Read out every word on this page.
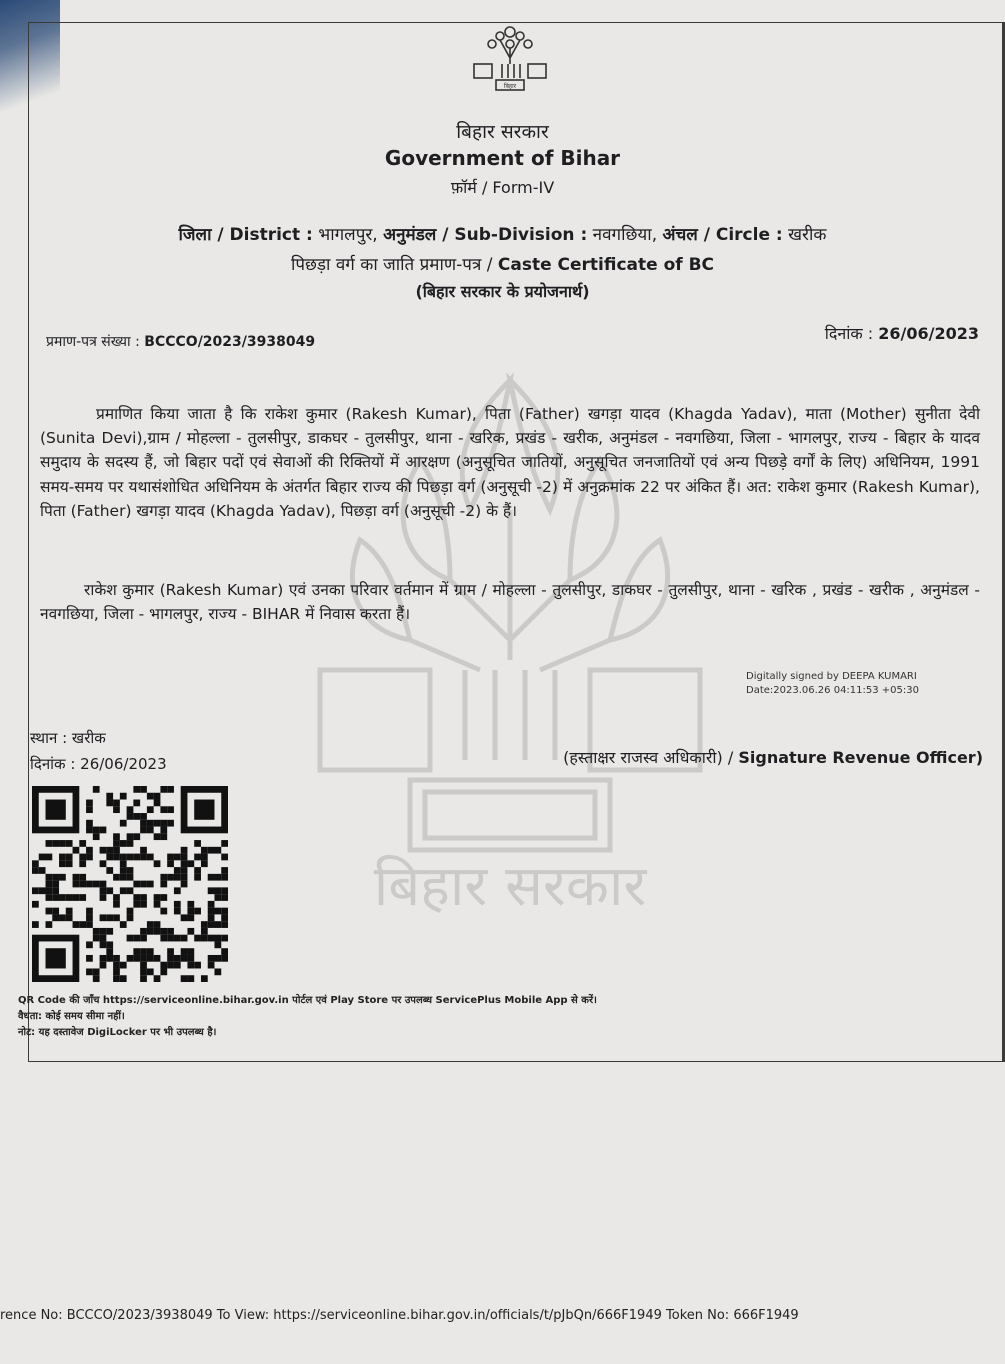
बिहार सरकार
बिहार
बिहार सरकार
Government of Bihar
फ़ॉर्म / Form-IV
जिला / District : भागलपुर, अनुमंडल / Sub-Division : नवगछिया, अंचल / Circle : खरीक
पिछड़ा वर्ग का जाति प्रमाण-पत्र / Caste Certificate of BC
(बिहार सरकार के प्रयोजनार्थ)
प्रमाण-पत्र संख्या : BCCCO/2023/3938049	दिनांक : 26/06/2023
प्रमाणित किया जाता है कि राकेश कुमार (Rakesh Kumar), पिता (Father) खगड़ा यादव (Khagda Yadav), माता (Mother) सुनीता देवी (Sunita Devi),ग्राम / मोहल्ला - तुलसीपुर, डाकघर - तुलसीपुर, थाना - खरिक, प्रखंड - खरीक, अनुमंडल - नवगछिया, जिला - भागलपुर, राज्य - बिहार के यादव समुदाय के सदस्य हैं, जो बिहार पदों एवं सेवाओं की रिक्तियों में आरक्षण (अनुसूचित जातियों, अनुसूचित जनजातियों एवं अन्य पिछड़े वर्गों के लिए) अधिनियम, 1991 समय-समय पर यथासंशोधित अधिनियम के अंतर्गत बिहार राज्य की पिछड़ा वर्ग (अनुसूची -2) में अनुक्रमांक 22 पर अंकित हैं। अत: राकेश कुमार (Rakesh Kumar), पिता (Father) खगड़ा यादव (Khagda Yadav), पिछड़ा वर्ग (अनुसूची -2) के हैं।
राकेश कुमार (Rakesh Kumar) एवं उनका परिवार वर्तमान में ग्राम / मोहल्ला - तुलसीपुर, डाकघर - तुलसीपुर, थाना - खरिक , प्रखंड - खरीक , अनुमंडल - नवगछिया, जिला - भागलपुर, राज्य - BIHAR में निवास करता हैं।
Digitally signed by DEEPA KUMARI
Date:2023.06.26 04:11:53 +05:30
स्थान : खरीक
दिनांक : 26/06/2023	(हस्ताक्षर राजस्व अधिकारी) / Signature Revenue Officer)
QR Code की जाँच https://serviceonline.bihar.gov.in पोर्टल एवं Play Store पर उपलब्ध ServicePlus Mobile App से करें।
वैधता: कोई समय सीमा नहीं।
नोट: यह दस्तावेज DigiLocker पर भी उपलब्ध है।
rence No: BCCCO/2023/3938049 To View: https://serviceonline.bihar.gov.in/officials/t/pJbQn/666F1949 Token No: 666F1949
